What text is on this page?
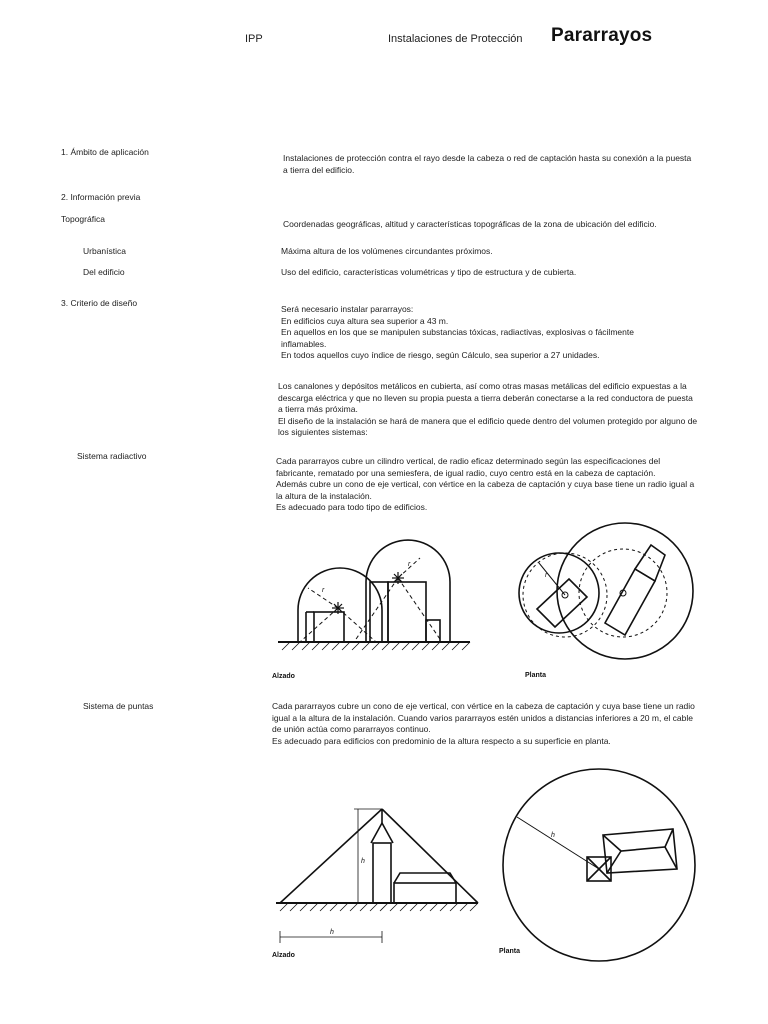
IPP	Instalaciones de Protección Pararrayos
1. Ámbito de aplicación
Instalaciones de protección contra el rayo desde la cabeza o red de captación hasta su conexión a la puesta a tierra del edificio.
2. Información previa
Topográfica	Coordenadas geográficas, altitud y características topográficas de la zona de ubicación del edificio.
Urbanística	Máxima altura de los volúmenes circundantes próximos.
Del edificio	Uso del edificio, características volumétricas y tipo de estructura y de cubierta.
3. Criterio de diseño

Será necesario instalar pararrayos:

En edificios cuya altura sea superior a 43 m.

En aquellos en los que se manipulen substancias tóxicas, radiactivas, explosivas o fácilmente inflamables.

En todos aquellos cuyo índice de riesgo, según Cálculo, sea superior a 27 unidades.

Los canalones y depósitos metálicos en cubierta, así como otras masas metálicas del edificio expuestas a la descarga eléctrica y que no lleven su propia puesta a tierra deberán conectarse a la red conductora de puesta a tierra más próxima.

El diseño de la instalación se hará de manera que el edificio quede dentro del volumen protegido por alguno de los siguientes sistemas:

Sistema radiactivo	Cada pararrayos cubre un cilindro vertical, de radio eficaz determinado según las especificaciones del fabricante, rematado por una semiesfera, de igual radio, cuyo centro está en la cabeza de captación.

Además cubre un cono de eje vertical, con vértice en la cabeza de captación y cuya base tiene un radio igual a la altura de la instalación.

Es adecuado para todo tipo de edificios.

r
r
Alzado
r
Planta
Sistema de puntas	Cada pararrayos cubre un cono de eje vertical, con vértice en la cabeza de captación y cuya base tiene un radio igual a la altura de la instalación. Cuando varios pararrayos estén unidos a distancias inferiores a 20 m, el cable de unión actúa como pararrayos continuo.

Es adecuado para edificios con predominio de la altura respecto a su superficie en planta.

h
h
Alzado
h
Planta
